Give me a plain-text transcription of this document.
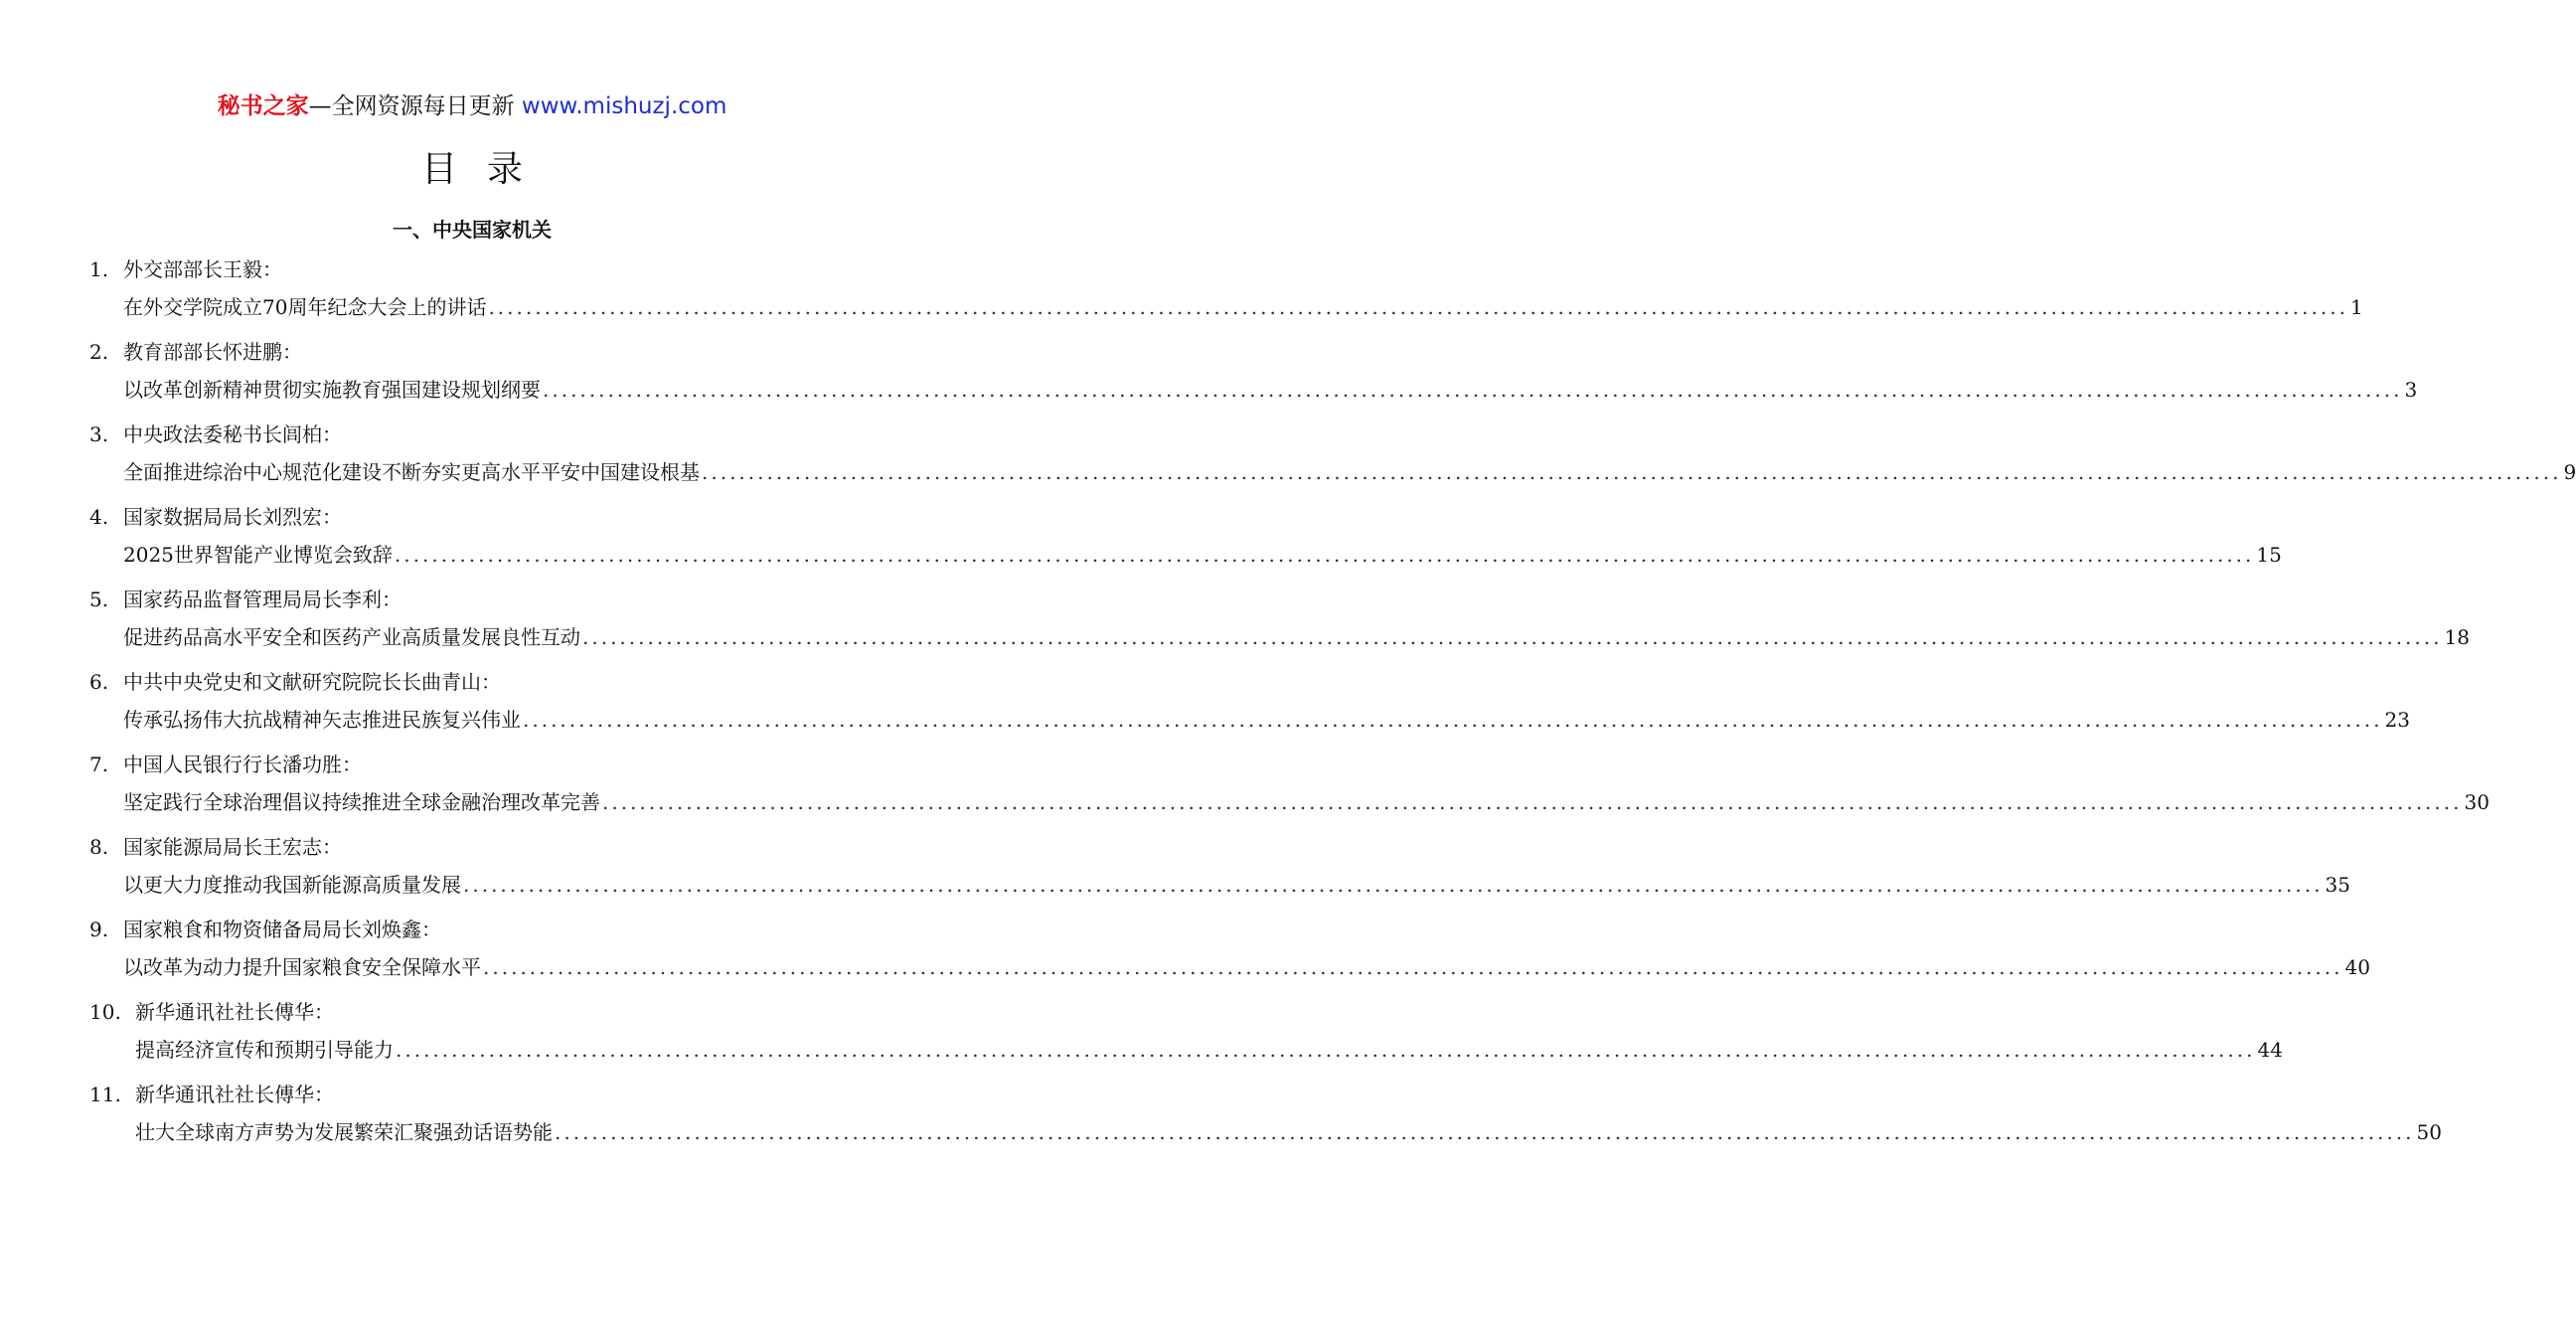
秘书之家—全网资源每日更新 www.mishuzj.com
目录
一、中央国家机关
1. 外交部部长王毅：
在外交学院成立70周年纪念大会上的讲话 ........................................................................................................................................................................................................ 1
2. 教育部部长怀进鹏：
以改革创新精神贯彻实施教育强国建设规划纲要 ........................................................................................................................................................................................................ 3
3. 中央政法委秘书长闾柏：
全面推进综治中心规范化建设不断夯实更高水平平安中国建设根基 ........................................................................................................................................................................................................ 9
4. 国家数据局局长刘烈宏：
2025世界智能产业博览会致辞 ........................................................................................................................................................................................................ 15
5. 国家药品监督管理局局长李利：
促进药品高水平安全和医药产业高质量发展良性互动 ........................................................................................................................................................................................................ 18
6. 中共中央党史和文献研究院院长长曲青山：
传承弘扬伟大抗战精神矢志推进民族复兴伟业 ........................................................................................................................................................................................................ 23
7. 中国人民银行行长潘功胜：
坚定践行全球治理倡议持续推进全球金融治理改革完善 ........................................................................................................................................................................................................ 30
8. 国家能源局局长王宏志：
以更大力度推动我国新能源高质量发展 ........................................................................................................................................................................................................ 35
9. 国家粮食和物资储备局局长刘焕鑫：
以改革为动力提升国家粮食安全保障水平 ........................................................................................................................................................................................................ 40
10. 新华通讯社社长傅华：
提高经济宣传和预期引导能力 ........................................................................................................................................................................................................ 44
11. 新华通讯社社长傅华：
壮大全球南方声势为发展繁荣汇聚强劲话语势能 ........................................................................................................................................................................................................ 50
